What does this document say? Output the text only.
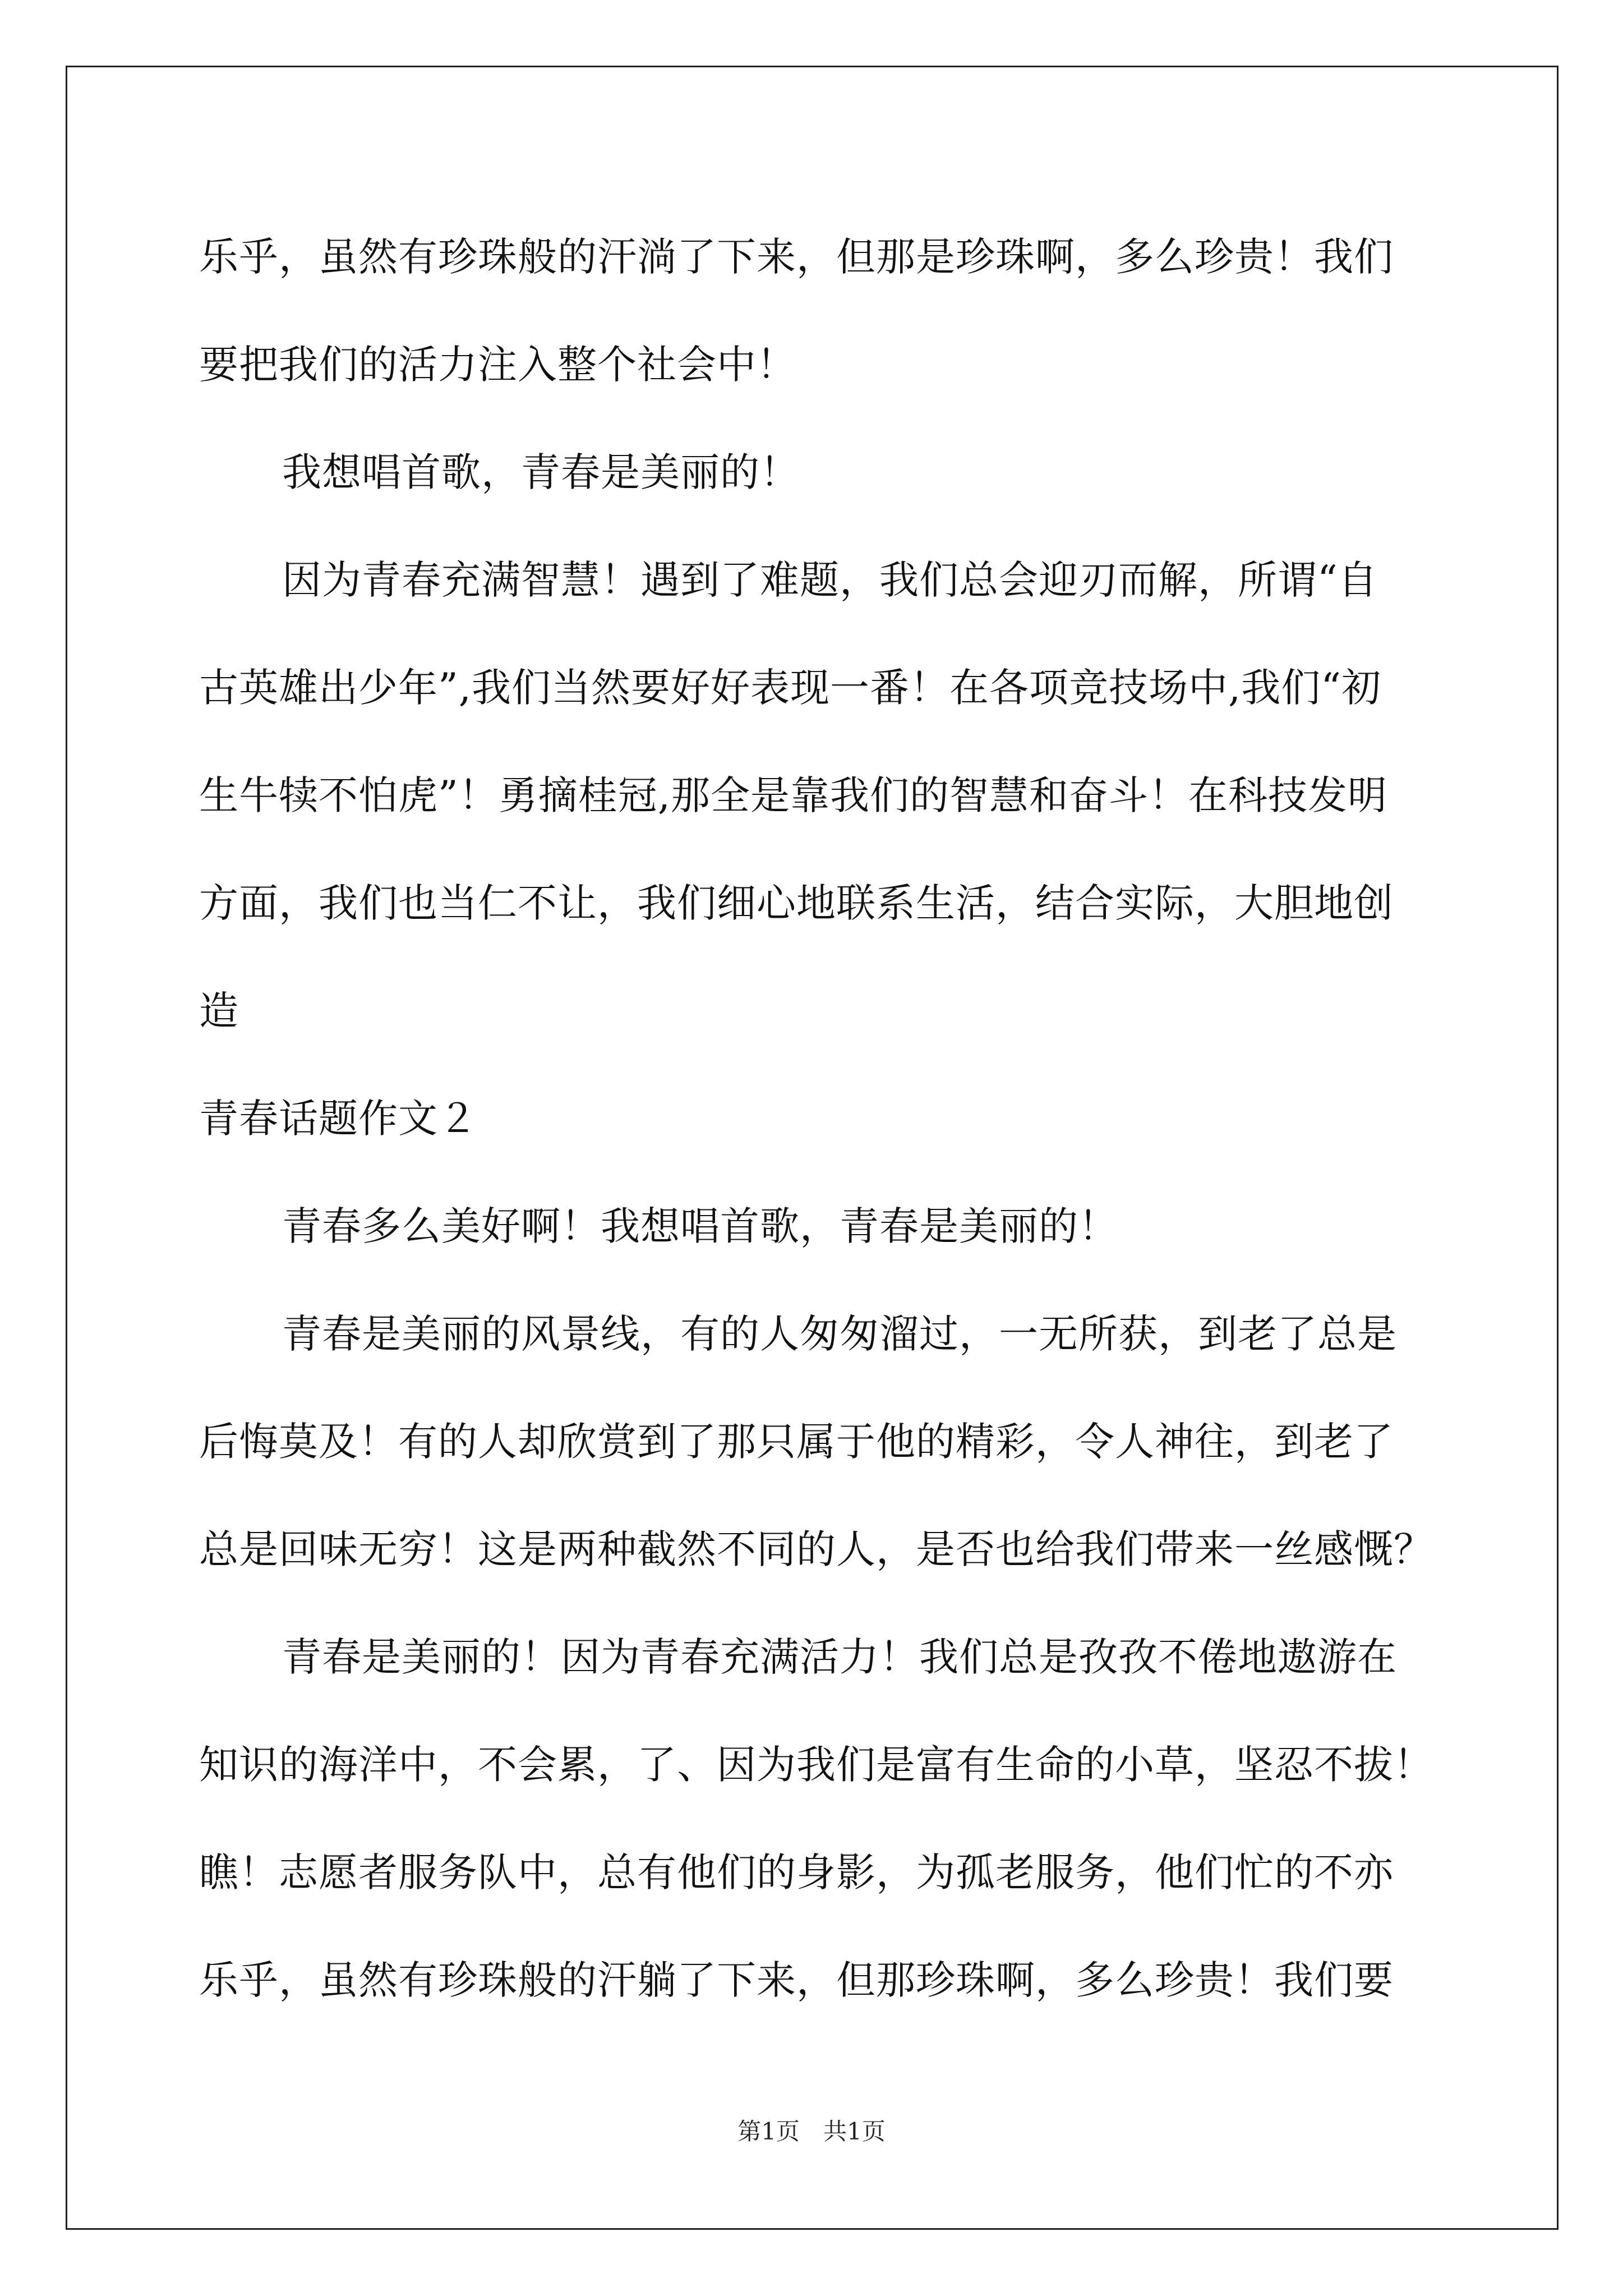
乐乎，虽然有珍珠般的汗淌了下来，但那是珍珠啊，多么珍贵！我们
要把我们的活力注入整个社会中！
我想唱首歌，青春是美丽的！
因为青春充满智慧！遇到了难题，我们总会迎刃而解，所谓“自
古英雄出少年”,我们当然要好好表现一番！在各项竞技场中,我们“初
生牛犊不怕虎”！勇摘桂冠,那全是靠我们的智慧和奋斗！在科技发明
方面，我们也当仁不让，我们细心地联系生活，结合实际，大胆地创
造
青春话题作文２
青春多么美好啊！我想唱首歌，青春是美丽的！
青春是美丽的风景线，有的人匆匆溜过，一无所获，到老了总是
后悔莫及！有的人却欣赏到了那只属于他的精彩，令人神往，到老了
总是回味无穷！这是两种截然不同的人，是否也给我们带来一丝感慨？
青春是美丽的！因为青春充满活力！我们总是孜孜不倦地遨游在
知识的海洋中，不会累，了、因为我们是富有生命的小草，坚忍不拔！
瞧！志愿者服务队中，总有他们的身影，为孤老服务，他们忙的不亦
乐乎，虽然有珍珠般的汗躺了下来，但那珍珠啊，多么珍贵！我们要
第1页　共1页
